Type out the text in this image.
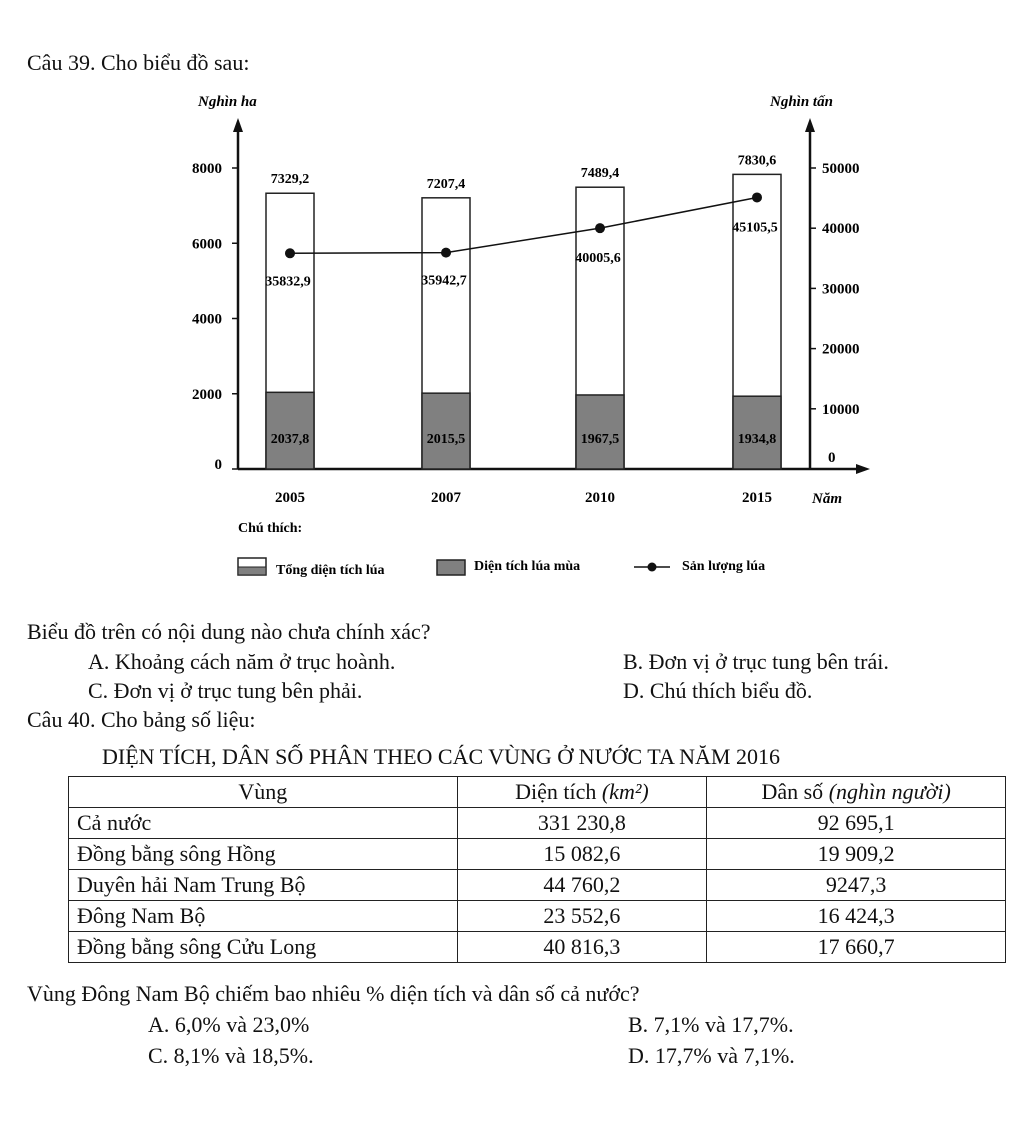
Câu 39. Cho biểu đồ sau:
Nghìn ha	Nghìn tấn
Năm
0
2000
4000
6000
8000
0
10000
20000
30000
40000
50000
7329,2
2037,8
2005
7207,4
2015,5
2007
7489,4
1967,5
2010
7830,6
1934,8
2015
35832,9	35942,7
40005,6
45105,5
Chú thích:
Tổng diện tích lúa	Diện tích lúa mùa	Sản lượng lúa
Biểu đồ trên có nội dung nào chưa chính xác?
A. Khoảng cách năm ở trục hoành.	B. Đơn vị ở trục tung bên trái.
C. Đơn vị ở trục tung bên phải.	D. Chú thích biểu đồ.
Câu 40. Cho bảng số liệu:
DIỆN TÍCH, DÂN SỐ PHÂN THEO CÁC VÙNG Ở NƯỚC TA NĂM 2016
Vùng	Diện tích (km²)	Dân số (nghìn người)
Cả nước	331 230,8	92 695,1
Đồng bằng sông Hồng	15 082,6	19 909,2
Duyên hải Nam Trung Bộ	44 760,2	9247,3
Đông Nam Bộ	23 552,6	16 424,3
Đồng bằng sông Cửu Long	40 816,3	17 660,7
Vùng Đông Nam Bộ chiếm bao nhiêu % diện tích và dân số cả nước?
A. 6,0% và 23,0%	B. 7,1% và 17,7%.
C. 8,1% và 18,5%.	D. 17,7% và 7,1%.
